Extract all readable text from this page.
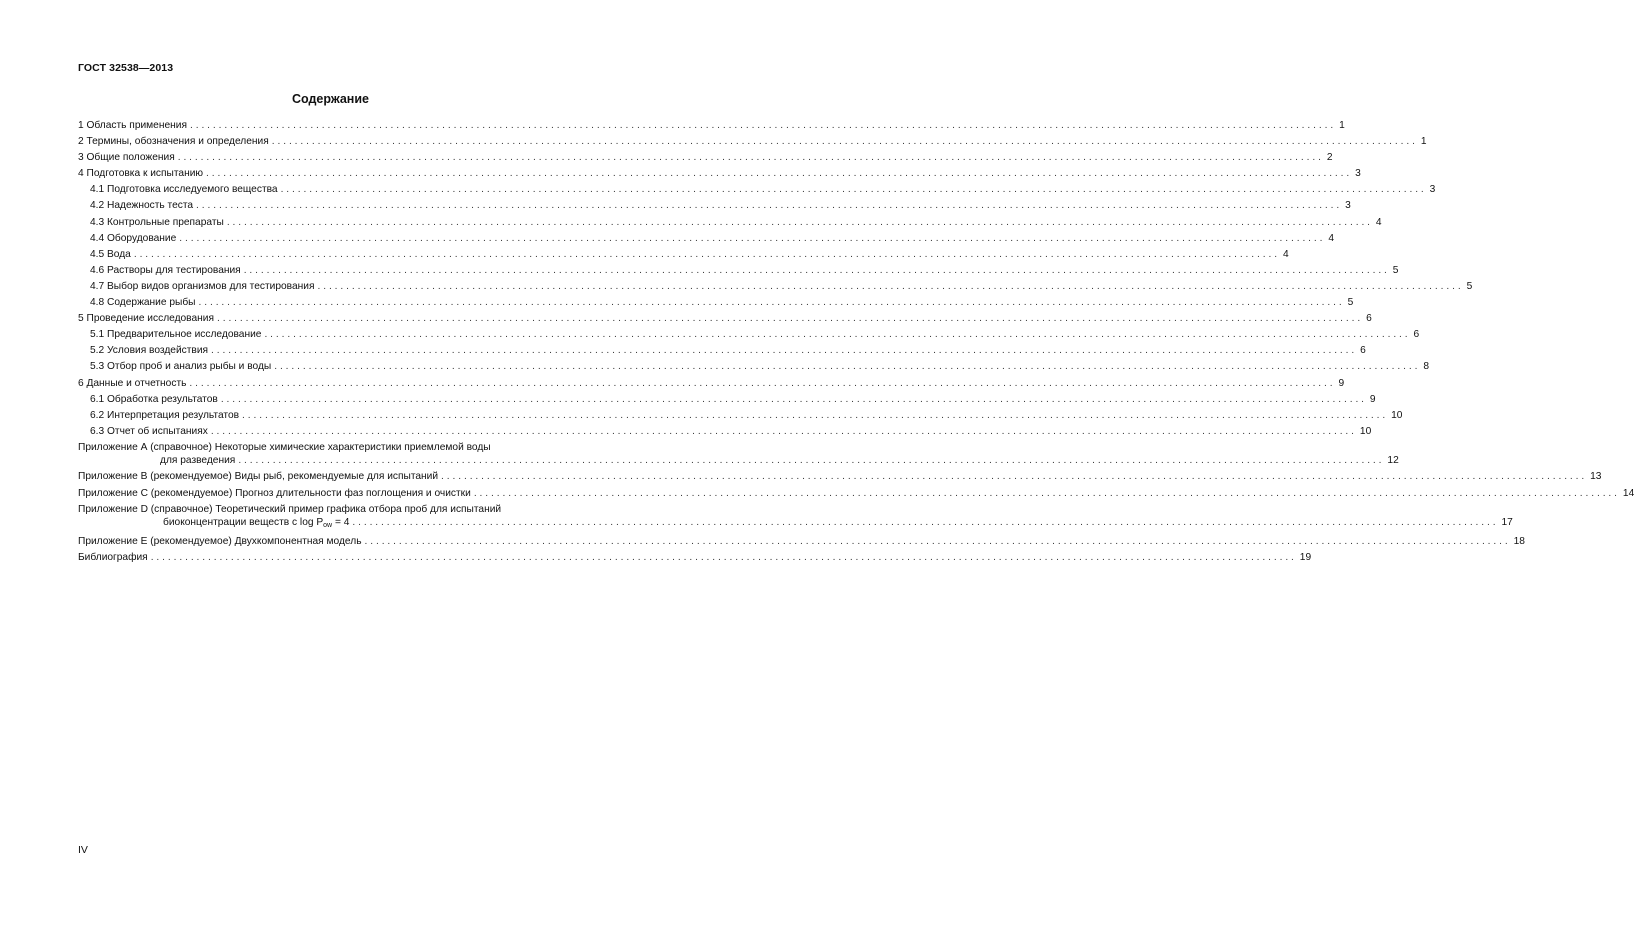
ГОСТ 32538—2013
Содержание
1 Область применения ........................................................................................................................................................................................................ 1
2 Термины, обозначения и определения ........................................................................................................................................................................................................ 1
3 Общие положения ........................................................................................................................................................................................................ 2
4 Подготовка к испытанию ........................................................................................................................................................................................................ 3
4.1 Подготовка исследуемого вещества ........................................................................................................................................................................................................ 3
4.2 Надежность теста ........................................................................................................................................................................................................ 3
4.3 Контрольные препараты ........................................................................................................................................................................................................ 4
4.4 Оборудование ........................................................................................................................................................................................................ 4
4.5 Вода ........................................................................................................................................................................................................ 4
4.6 Растворы для тестирования ........................................................................................................................................................................................................ 5
4.7 Выбор видов организмов для тестирования ........................................................................................................................................................................................................ 5
4.8 Содержание рыбы ........................................................................................................................................................................................................ 5
5 Проведение исследования ........................................................................................................................................................................................................ 6
5.1 Предварительное исследование ........................................................................................................................................................................................................ 6
5.2 Условия воздействия ........................................................................................................................................................................................................ 6
5.3 Отбор проб и анализ рыбы и воды ........................................................................................................................................................................................................ 8
6 Данные и отчетность ........................................................................................................................................................................................................ 9
6.1 Обработка результатов ........................................................................................................................................................................................................ 9
6.2 Интерпретация результатов ........................................................................................................................................................................................................ 10
6.3 Отчет об испытаниях ........................................................................................................................................................................................................ 10
Приложение А (справочное) Некоторые химические характеристики приемлемой воды
для разведения ........................................................................................................................................................................................................ 12
Приложение В (рекомендуемое) Виды рыб, рекомендуемые для испытаний ........................................................................................................................................................................................................ 13
Приложение С (рекомендуемое) Прогноз длительности фаз поглощения и очистки ........................................................................................................................................................................................................ 14
Приложение D (справочное) Теоретический пример графика отбора проб для испытаний
биоконцентрации веществ с $\log P_{ow} = 4$ ........................................................................................................................................................................................................ 17
Приложение Е (рекомендуемое) Двухкомпонентная модель ........................................................................................................................................................................................................ 18
Библиография ........................................................................................................................................................................................................ 19
IV
